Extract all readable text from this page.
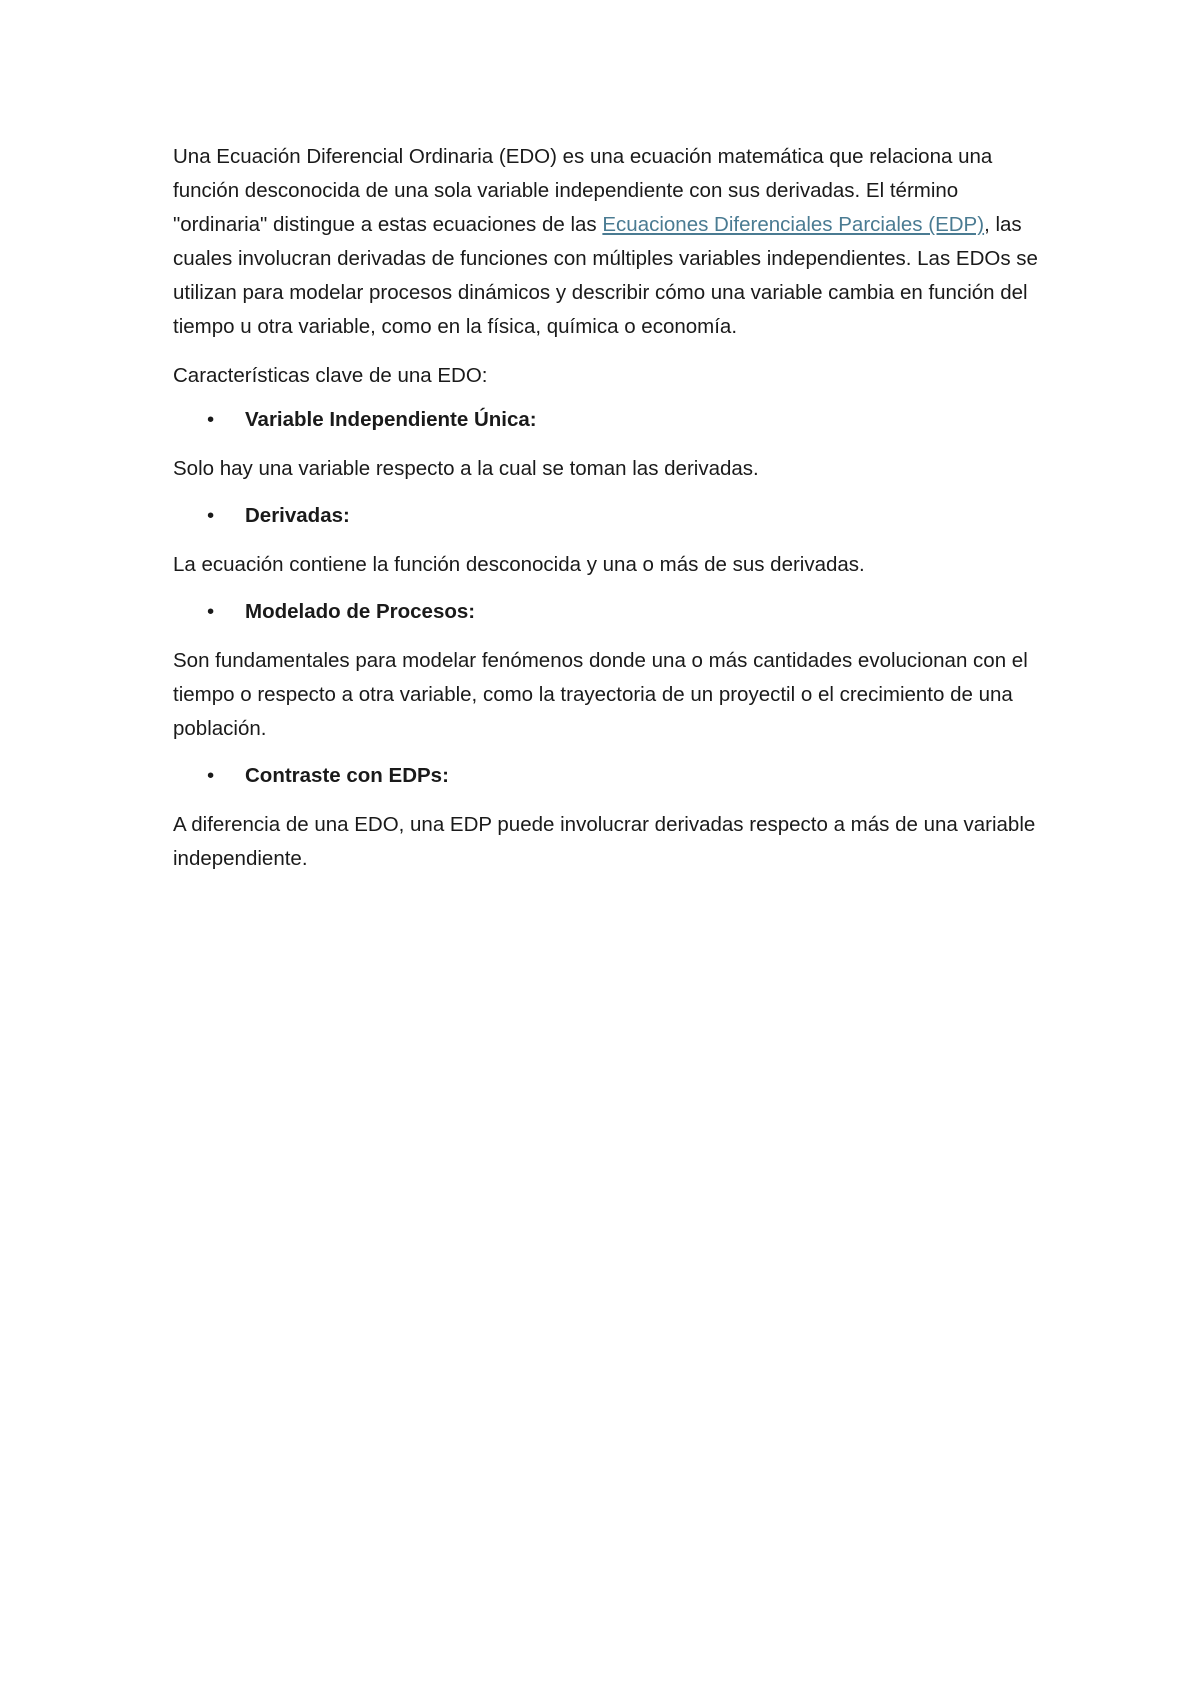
Una Ecuación Diferencial Ordinaria (EDO) es una ecuación matemática que relaciona una función desconocida de una sola variable independiente con sus derivadas. El término "ordinaria" distingue a estas ecuaciones de las Ecuaciones Diferenciales Parciales (EDP), las cuales involucran derivadas de funciones con múltiples variables independientes. Las EDOs se utilizan para modelar procesos dinámicos y describir cómo una variable cambia en función del tiempo u otra variable, como en la física, química o economía.

Características clave de una EDO:

• Variable Independiente Única:

Solo hay una variable respecto a la cual se toman las derivadas.

• Derivadas:

La ecuación contiene la función desconocida y una o más de sus derivadas.

• Modelado de Procesos:

Son fundamentales para modelar fenómenos donde una o más cantidades evolucionan con el tiempo o respecto a otra variable, como la trayectoria de un proyectil o el crecimiento de una población.

• Contraste con EDPs:

A diferencia de una EDO, una EDP puede involucrar derivadas respecto a más de una variable independiente.
